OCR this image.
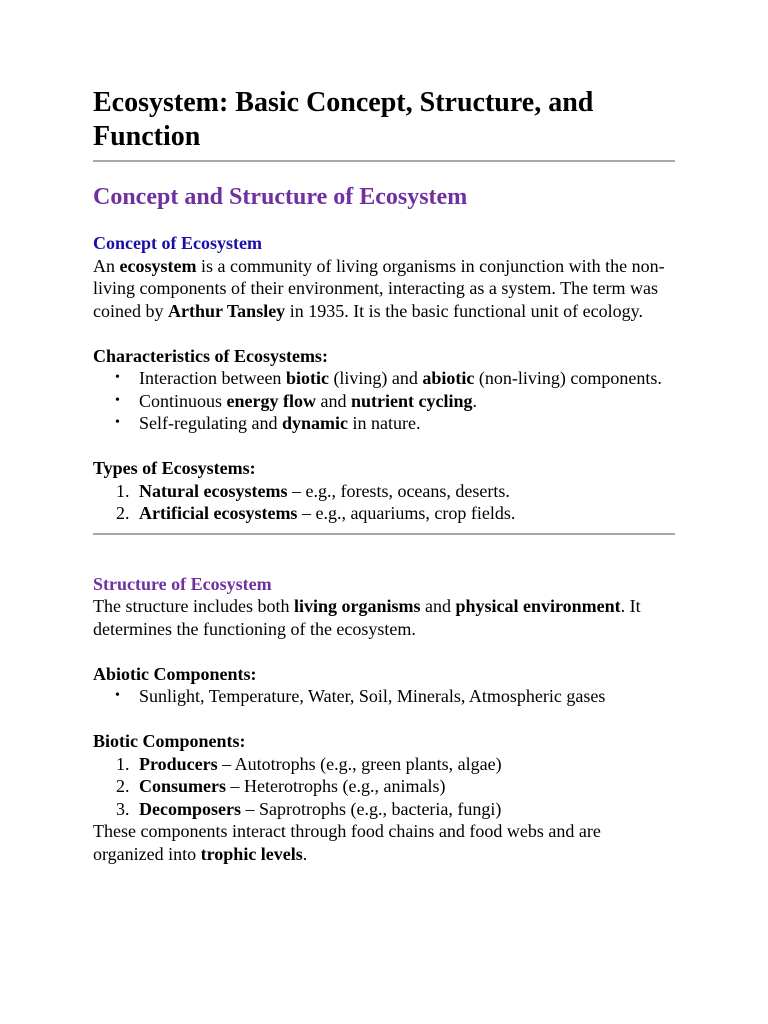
Ecosystem: Basic Concept, Structure, and Function
Concept and Structure of Ecosystem
Concept of Ecosystem

An ecosystem is a community of living organisms in conjunction with the non-living components of their environment, interacting as a system. The term was coined by Arthur Tansley in 1935. It is the basic functional unit of ecology.

Characteristics of Ecosystems:

• Interaction between biotic (living) and abiotic (non-living) components.
• Continuous energy flow and nutrient cycling.
• Self-regulating and dynamic in nature.

Types of Ecosystems:

1. Natural ecosystems – e.g., forests, oceans, deserts.
2. Artificial ecosystems – e.g., aquariums, crop fields.
Structure of Ecosystem

The structure includes both living organisms and physical environment. It determines the functioning of the ecosystem.

Abiotic Components:

• Sunlight, Temperature, Water, Soil, Minerals, Atmospheric gases

Biotic Components:

1. Producers – Autotrophs (e.g., green plants, algae)
2. Consumers – Heterotrophs (e.g., animals)
3. Decomposers – Saprotrophs (e.g., bacteria, fungi)

These components interact through food chains and food webs and are organized into trophic levels.
